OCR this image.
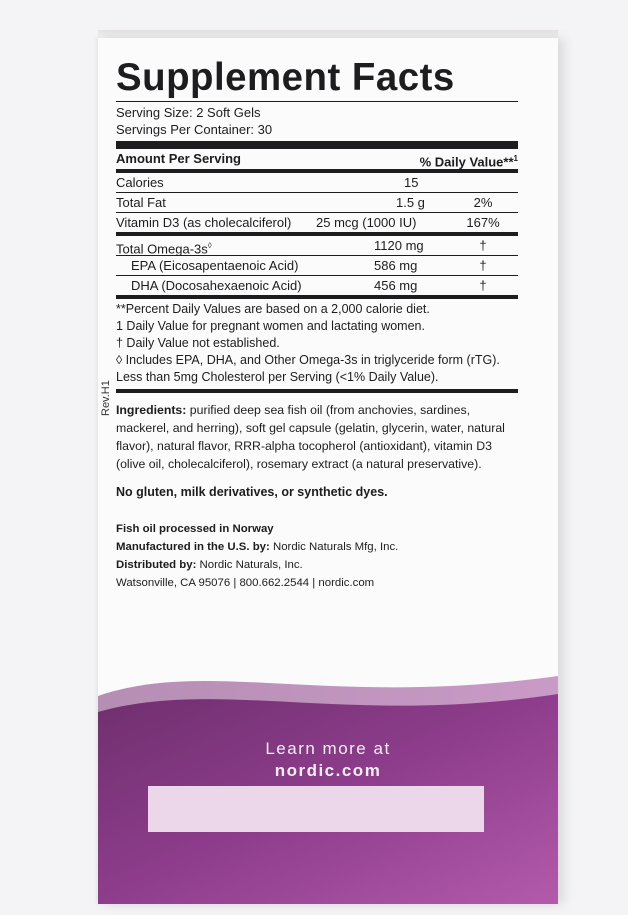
Rev.H1
Supplement Facts
Serving Size: 2 Soft Gels
Servings Per Container: 30
Amount Per Serving	% Daily Value**$^1$
Calories	15
Total Fat	1.5 g	2%
Vitamin D3 (as cholecalciferol)	25 mcg (1000 IU)	167%
Total Omega-3s◊	1120 mg	†
EPA (Eicosapentaenoic Acid)	586 mg	†
DHA (Docosahexaenoic Acid)	456 mg	†
**Percent Daily Values are based on a 2,000 calorie diet.
1 Daily Value for pregnant women and lactating women.
† Daily Value not established.
◊ Includes EPA, DHA, and Other Omega-3s in triglyceride form (rTG).
Less than 5mg Cholesterol per Serving (<1% Daily Value).
Ingredients: purified deep sea fish oil (from anchovies, sardines, mackerel, and herring), soft gel capsule (gelatin, glycerin, water, natural flavor), natural flavor, RRR-alpha tocopherol (antioxidant), vitamin D3 (olive oil, cholecalciferol), rosemary extract (a natural preservative).
No gluten, milk derivatives, or synthetic dyes.
Fish oil processed in Norway
Manufactured in the U.S. by: Nordic Naturals Mfg, Inc.
Distributed by: Nordic Naturals, Inc.
Watsonville, CA 95076 | 800.662.2544 | nordic.com
Learn more at
nordic.com
